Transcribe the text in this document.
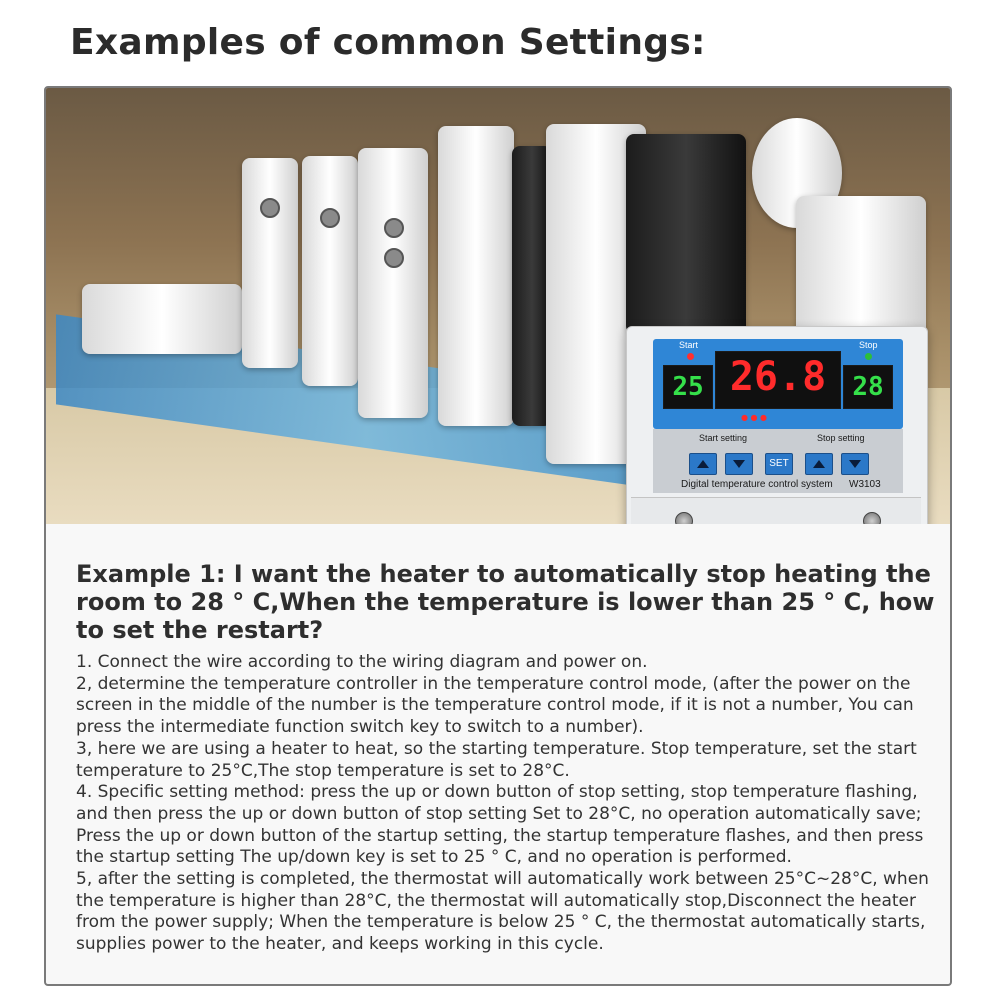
Examples of common Settings:
Start	Stop
25 26.8
● ● ●
28
Start setting	Stop setting
SET
Digital temperature control system W3103
Example 1: I want the heater to automatically stop heating the room to 28 ° C,When the temperature is lower than 25 ° C, how to set the restart?

1. Connect the wire according to the wiring diagram and power on.

2, determine the temperature controller in the temperature control mode, (after the power on the screen in the middle of the number is the temperature control mode, if it is not a number, You can press the intermediate function switch key to switch to a number).

3, here we are using a heater to heat, so the starting temperature. Stop temperature, set the start temperature to 25°C,The stop temperature is set to 28°C.

4. Specific setting method: press the up or down button of stop setting, stop temperature flashing, and then press the up or down button of stop setting Set to 28°C, no operation automatically save; Press the up or down button of the startup setting, the startup temperature flashes, and then press the startup setting The up/down key is set to 25 ° C, and no operation is performed.

5, after the setting is completed, the thermostat will automatically work between 25°C~28°C, when the temperature is higher than 28°C, the thermostat will automatically stop,Disconnect the heater from the power supply; When the temperature is below 25 ° C, the thermostat automatically starts, supplies power to the heater, and keeps working in this cycle.
